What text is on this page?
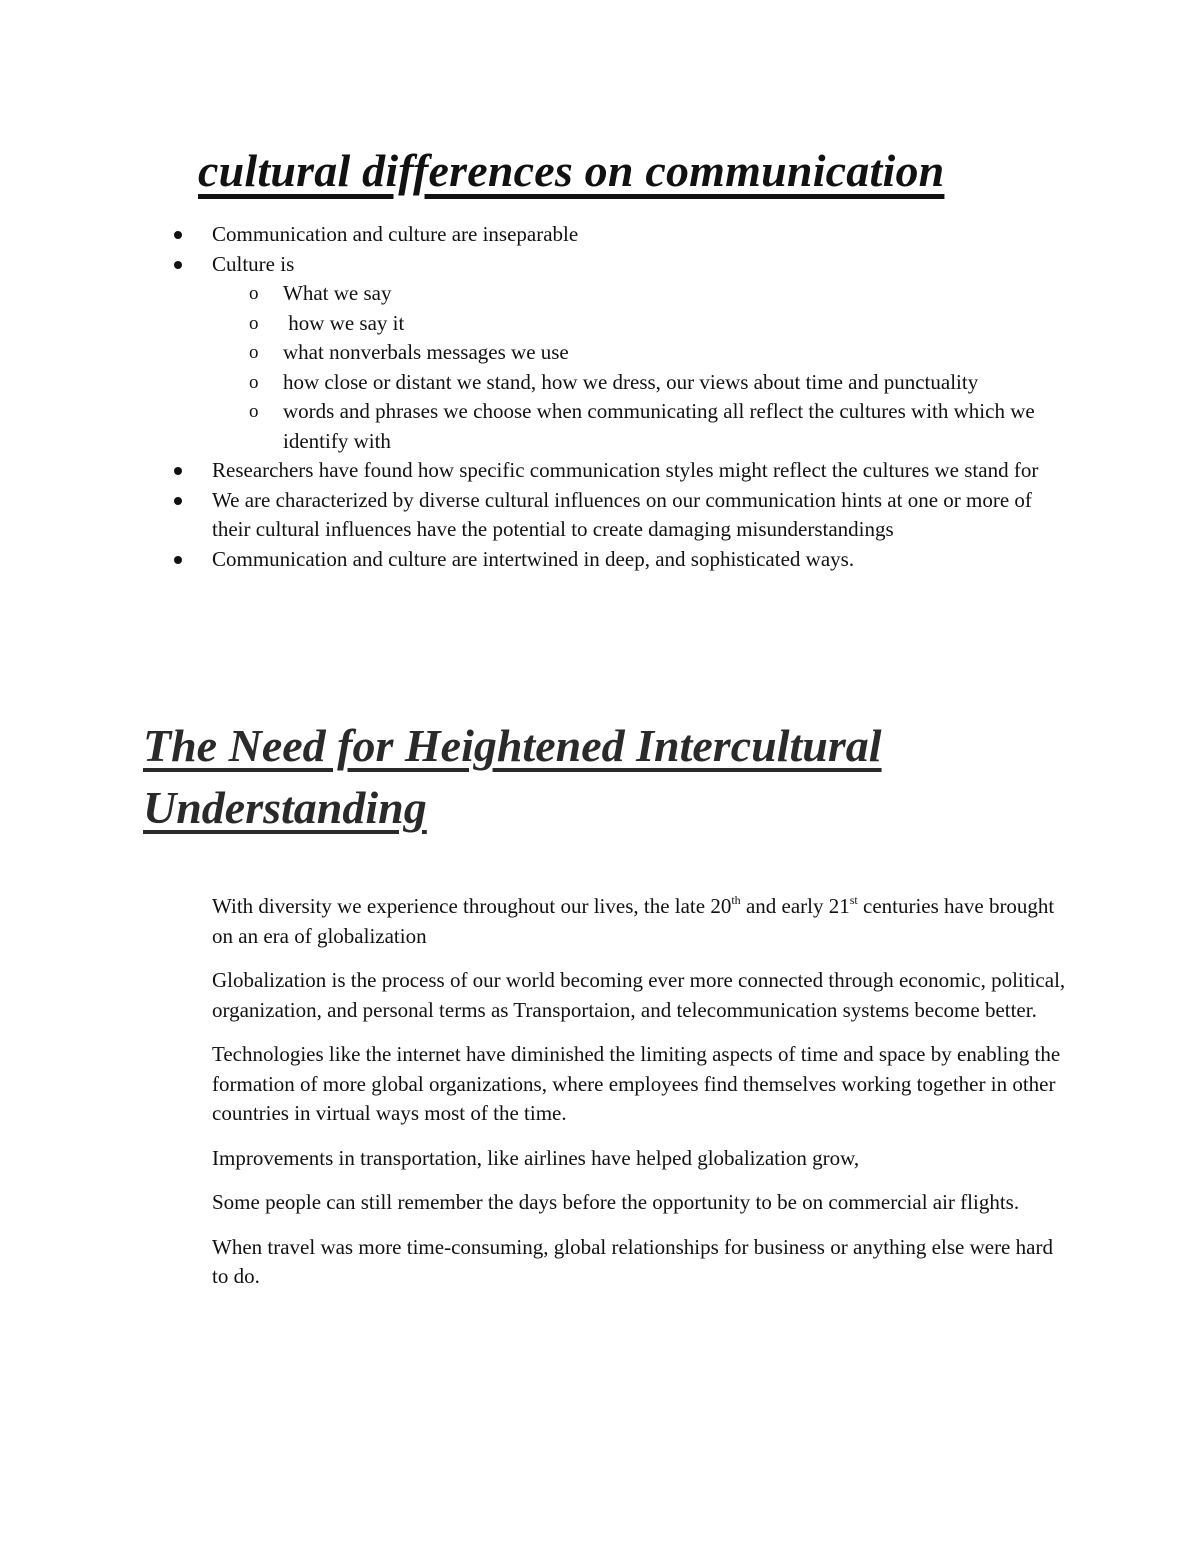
cultural differences on communication
Communication and culture are inseparable
Culture is
o What we say
o how we say it
o what nonverbals messages we use
o how close or distant we stand, how we dress, our views about time and punctuality
o words and phrases we choose when communicating all reflect the cultures with which we identify with
Researchers have found how specific communication styles might reflect the cultures we stand for
We are characterized by diverse cultural influences on our communication hints at one or more of their cultural influences have the potential to create damaging misunderstandings
Communication and culture are intertwined in deep, and sophisticated ways.
The Need for Heightened Intercultural
Understanding

With diversity we experience throughout our lives, the late 20th and early 21st centuries have brought on an era of globalization

Globalization is the process of our world becoming ever more connected through economic, political, organization, and personal terms as Transportaion, and telecommunication systems become better.

Technologies like the internet have diminished the limiting aspects of time and space by enabling the formation of more global organizations, where employees find themselves working together in other countries in virtual ways most of the time.

Improvements in transportation, like airlines have helped globalization grow,

Some people can still remember the days before the opportunity to be on commercial air flights.

When travel was more time-consuming, global relationships for business or anything else were hard to do.
